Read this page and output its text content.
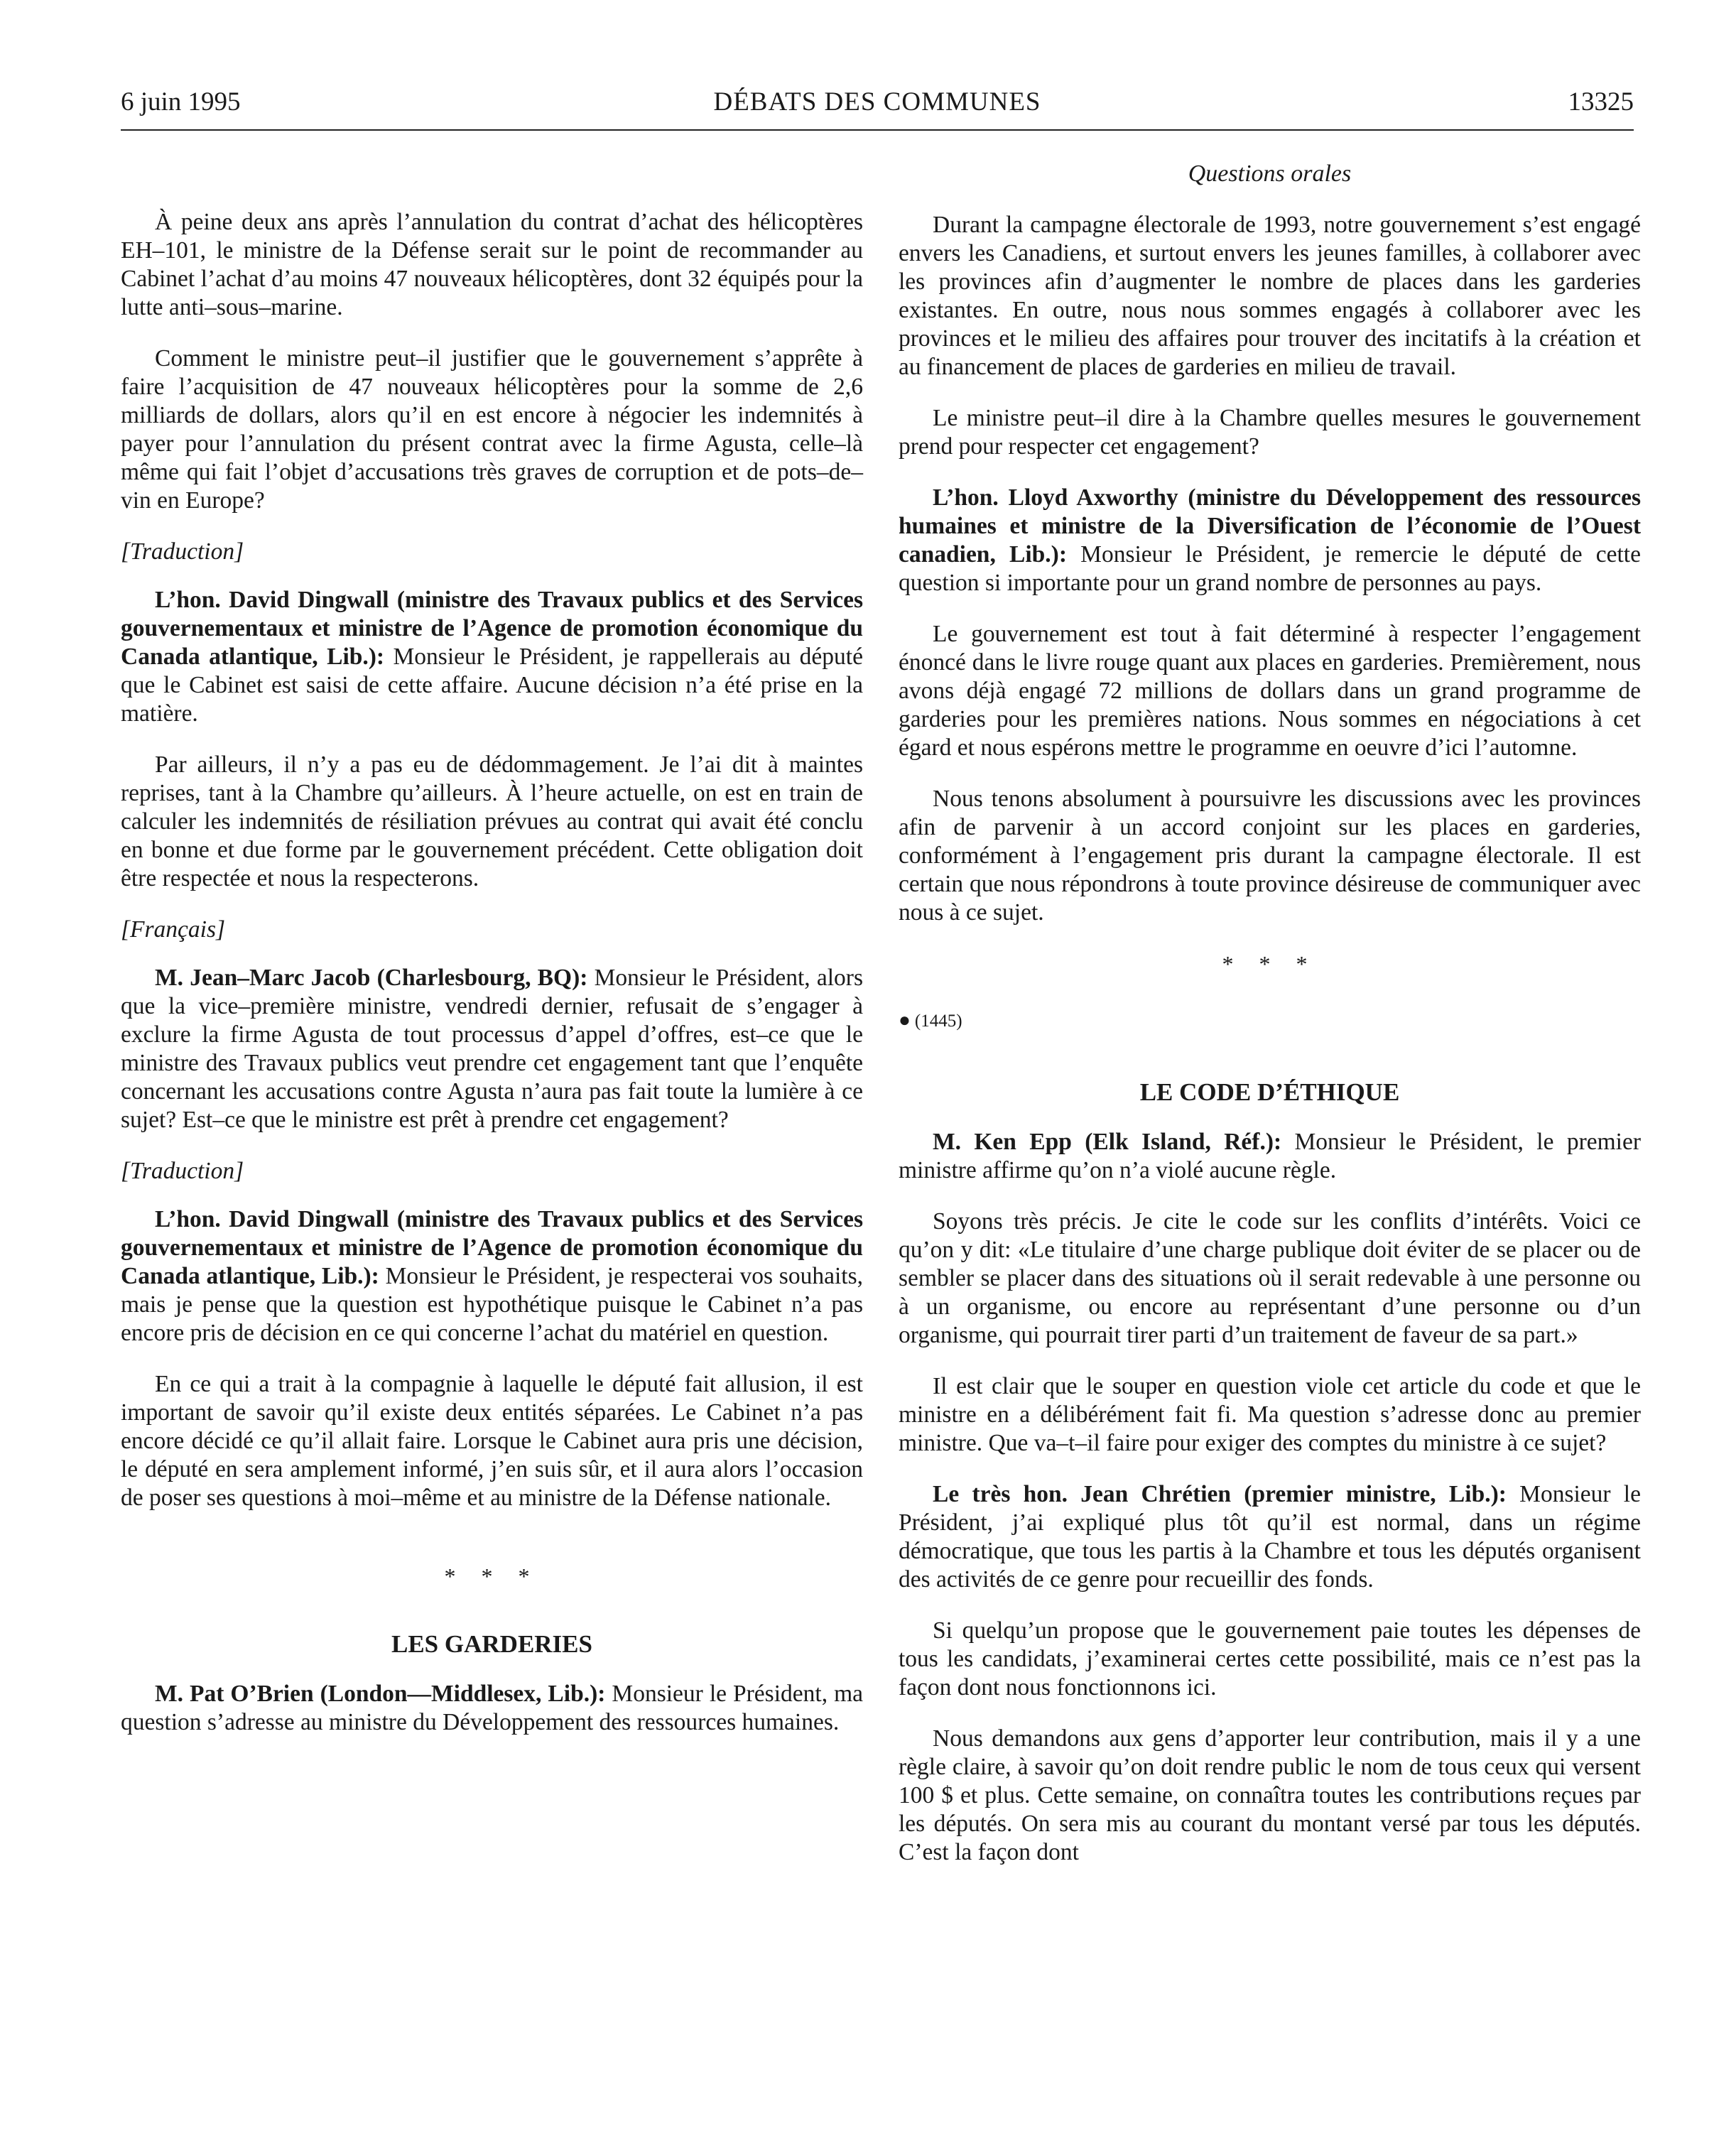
6 juin 1995	DÉBATS DES COMMUNES	13325

À peine deux ans après l’annulation du contrat d’achat des hélicoptères EH–101, le ministre de la Défense serait sur le point de recommander au Cabinet l’achat d’au moins 47 nouveaux hélicoptères, dont 32 équipés pour la lutte anti–sous–marine.

Comment le ministre peut–il justifier que le gouvernement s’apprête à faire l’acquisition de 47 nouveaux hélicoptères pour la somme de 2,6 milliards de dollars, alors qu’il en est encore à négocier les indemnités à payer pour l’annulation du présent contrat avec la firme Agusta, celle–là même qui fait l’objet d’accusations très graves de corruption et de pots–de–vin en Europe?

[Traduction]

L’hon. David Dingwall (ministre des Travaux publics et des Services gouvernementaux et ministre de l’Agence de promotion économique du Canada atlantique, Lib.): Monsieur le Président, je rappellerais au député que le Cabinet est saisi de cette affaire. Aucune décision n’a été prise en la matière.

Par ailleurs, il n’y a pas eu de dédommagement. Je l’ai dit à maintes reprises, tant à la Chambre qu’ailleurs. À l’heure actuelle, on est en train de calculer les indemnités de résiliation prévues au contrat qui avait été conclu en bonne et due forme par le gouvernement précédent. Cette obligation doit être respectée et nous la respecterons.

[Français]

M. Jean–Marc Jacob (Charlesbourg, BQ): Monsieur le Président, alors que la vice–première ministre, vendredi dernier, refusait de s’engager à exclure la firme Agusta de tout processus d’appel d’offres, est–ce que le ministre des Travaux publics veut prendre cet engagement tant que l’enquête concernant les accusations contre Agusta n’aura pas fait toute la lumière à ce sujet? Est–ce que le ministre est prêt à prendre cet engagement?

[Traduction]

L’hon. David Dingwall (ministre des Travaux publics et des Services gouvernementaux et ministre de l’Agence de promotion économique du Canada atlantique, Lib.): Monsieur le Président, je respecterai vos souhaits, mais je pense que la question est hypothétique puisque le Cabinet n’a pas encore pris de décision en ce qui concerne l’achat du matériel en question.

En ce qui a trait à la compagnie à laquelle le député fait allusion, il est important de savoir qu’il existe deux entités séparées. Le Cabinet n’a pas encore décidé ce qu’il allait faire. Lorsque le Cabinet aura pris une décision, le député en sera amplement informé, j’en suis sûr, et il aura alors l’occasion de poser ses questions à moi–même et au ministre de la Défense nationale.

* * *
LES GARDERIES

M. Pat O’Brien (London—Middlesex, Lib.): Monsieur le Président, ma question s’adresse au ministre du Développement des ressources humaines.

Questions orales

Durant la campagne électorale de 1993, notre gouvernement s’est engagé envers les Canadiens, et surtout envers les jeunes familles, à collaborer avec les provinces afin d’augmenter le nombre de places dans les garderies existantes. En outre, nous nous sommes engagés à collaborer avec les provinces et le milieu des affaires pour trouver des incitatifs à la création et au financement de places de garderies en milieu de travail.

Le ministre peut–il dire à la Chambre quelles mesures le gouvernement prend pour respecter cet engagement?

L’hon. Lloyd Axworthy (ministre du Développement des ressources humaines et ministre de la Diversification de l’économie de l’Ouest canadien, Lib.): Monsieur le Président, je remercie le député de cette question si importante pour un grand nombre de personnes au pays.

Le gouvernement est tout à fait déterminé à respecter l’engagement énoncé dans le livre rouge quant aux places en garderies. Premièrement, nous avons déjà engagé 72 millions de dollars dans un grand programme de garderies pour les premières nations. Nous sommes en négociations à cet égard et nous espérons mettre le programme en oeuvre d’ici l’automne.

Nous tenons absolument à poursuivre les discussions avec les provinces afin de parvenir à un accord conjoint sur les places en garderies, conformément à l’engagement pris durant la campagne électorale. Il est certain que nous répondrons à toute province désireuse de communiquer avec nous à ce sujet.

* * *
● (1445)
LE CODE D’ÉTHIQUE

M. Ken Epp (Elk Island, Réf.): Monsieur le Président, le premier ministre affirme qu’on n’a violé aucune règle.

Soyons très précis. Je cite le code sur les conflits d’intérêts. Voici ce qu’on y dit: «Le titulaire d’une charge publique doit éviter de se placer ou de sembler se placer dans des situations où il serait redevable à une personne ou à un organisme, ou encore au représentant d’une personne ou d’un organisme, qui pourrait tirer parti d’un traitement de faveur de sa part.»

Il est clair que le souper en question viole cet article du code et que le ministre en a délibérément fait fi. Ma question s’adresse donc au premier ministre. Que va–t–il faire pour exiger des comptes du ministre à ce sujet?

Le très hon. Jean Chrétien (premier ministre, Lib.): Monsieur le Président, j’ai expliqué plus tôt qu’il est normal, dans un régime démocratique, que tous les partis à la Chambre et tous les députés organisent des activités de ce genre pour recueillir des fonds.

Si quelqu’un propose que le gouvernement paie toutes les dépenses de tous les candidats, j’examinerai certes cette possibilité, mais ce n’est pas la façon dont nous fonctionnons ici.

Nous demandons aux gens d’apporter leur contribution, mais il y a une règle claire, à savoir qu’on doit rendre public le nom de tous ceux qui versent 100 $ et plus. Cette semaine, on connaîtra toutes les contributions reçues par les députés. On sera mis au courant du montant versé par tous les députés. C’est la façon dont
